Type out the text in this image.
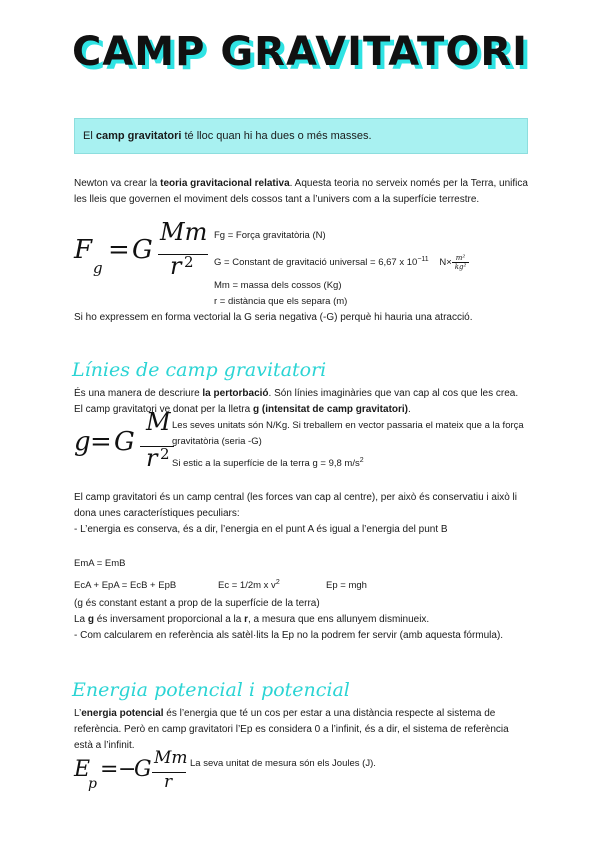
CAMP GRAVITATORI
El camp gravitatori té lloc quan hi ha dues o més masses.
Newton va crear la teoria gravitacional relativa. Aquesta teoria no serveix només per la Terra, unifica les lleis que governen el moviment dels cossos tant a l’univers com a la superfície terrestre.
F
g
= G
Mm
r 2
Fg = Força gravitatòria (N)
G = Constant de gravitació universal = 6,67 x $10^{-11}$ $N\times \frac{\text{m²}}{\text{kg²}}$
Mm = massa dels cossos (Kg)
r = distància que els separa (m)
Si ho expressem en forma vectorial la G seria negativa (-G) perquè hi hauria una atracció.
Línies de camp gravitatori
És una manera de descriure la pertorbació. Són línies imaginàries que van cap al cos que les crea.
El camp gravitatori ve donat per la lletra g (intensitat de camp gravitatori).
g = G
M
r 2
Les seves unitats són N/Kg. Si treballem en vector passaria el mateix que a la força gravitatòria (seria -G)
Si estic a la superfície de la terra g = 9,8 $m/s^2$
El camp gravitatori és un camp central (les forces van cap al centre), per això és conservatiu i això li dona unes característiques peculiars:
- L’energia es conserva, és a dir, l’energia en el punt A és igual a l’energia del punt B
EmA = EmB
EcA + EpA = EcB + EpB	Ec = 1/2m x $v^2$	Ep = mgh
(g és constant estant a prop de la superfície de la terra)
La g és inversament proporcional a la r, a mesura que ens allunyem disminueix.
- Com calcularem en referència als satèl·lits la Ep no la podrem fer servir (amb aquesta fórmula).
Energia potencial i potencial
L’energia potencial és l’energia que té un cos per estar a una distància respecte al sistema de referència. Però en camp gravitatori l’Ep es considera 0 a l’infinit, és a dir, el sistema de referència està a l’infinit.
E
p
= −
G Mm
r
La seva unitat de mesura són els Joules (J).
